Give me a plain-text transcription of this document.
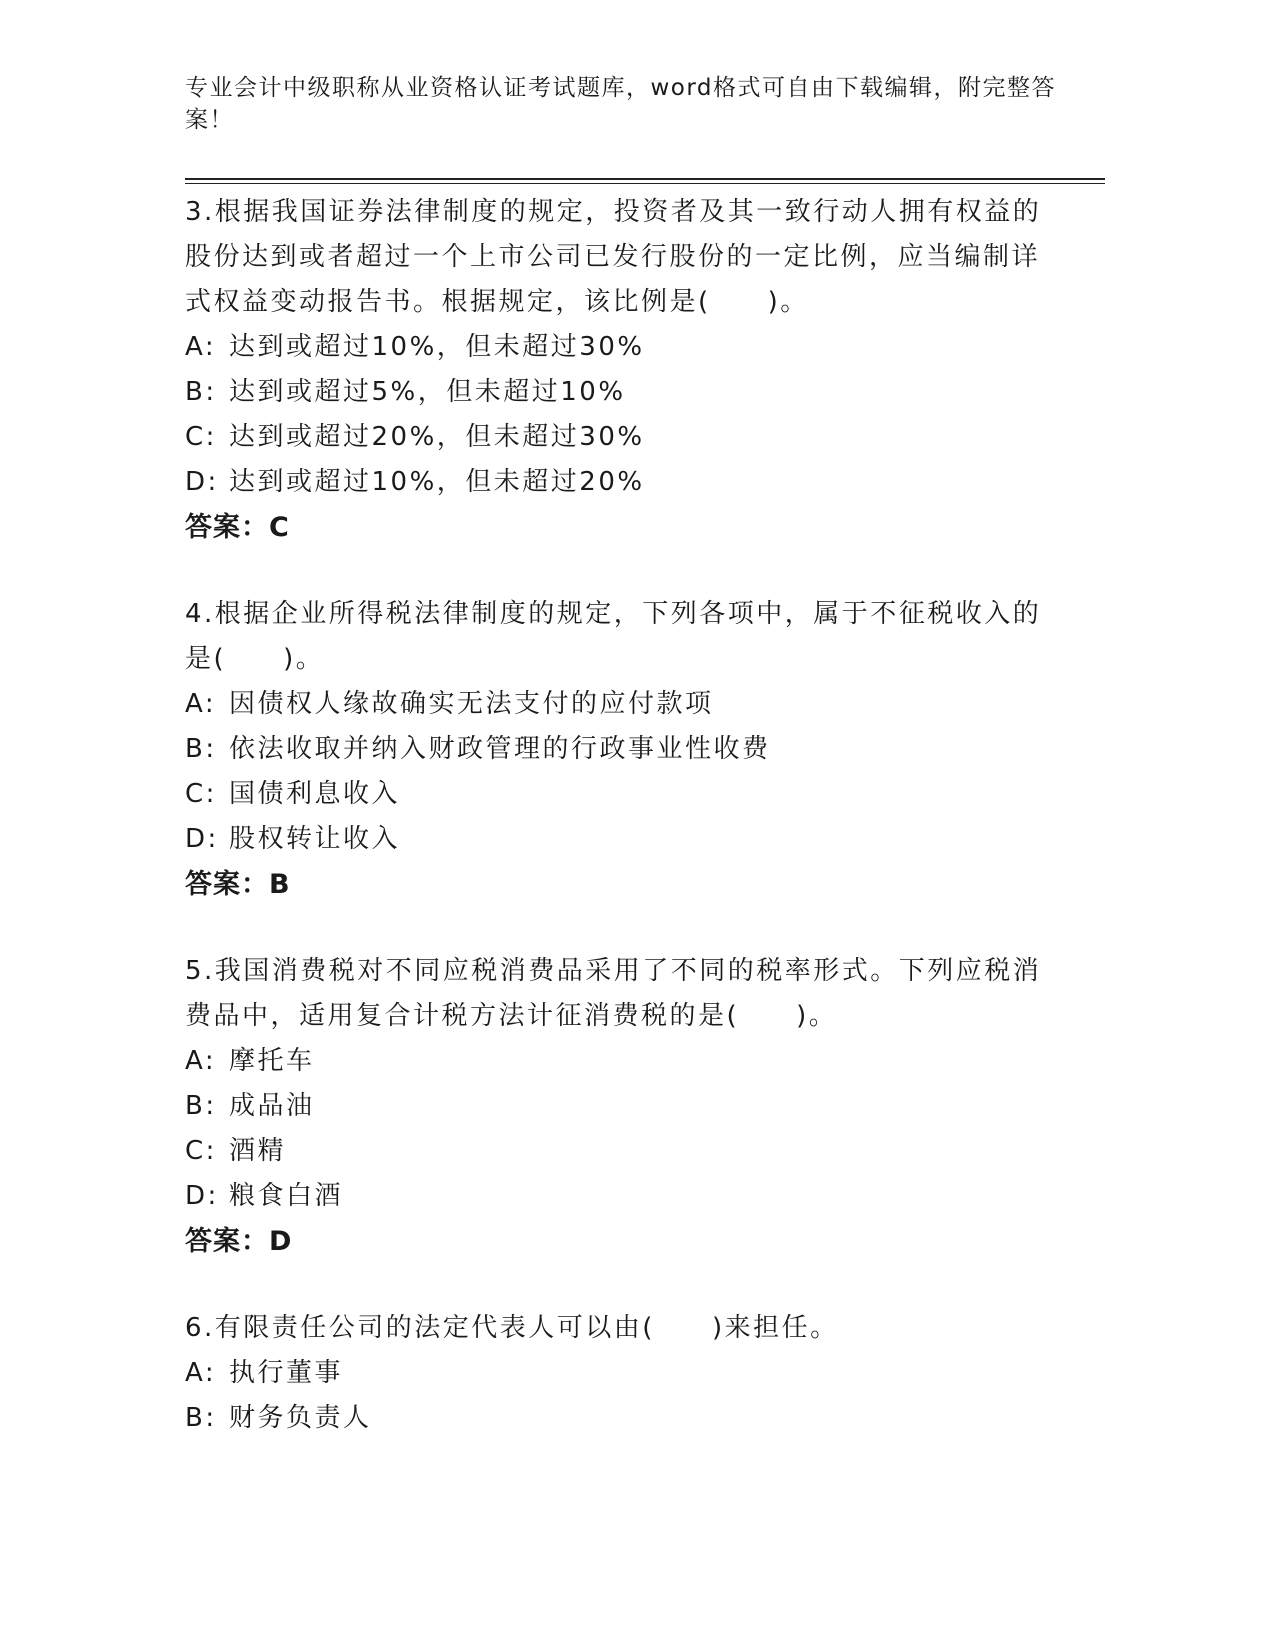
专业会计中级职称从业资格认证考试题库，word格式可自由下载编辑，附完整答案！
3.根据我国证券法律制度的规定，投资者及其一致行动人拥有权益的股份达到或者超过一个上市公司已发行股份的一定比例，应当编制详式权益变动报告书。根据规定，该比例是(　　)。
A: 达到或超过10%，但未超过30%
B: 达到或超过5%，但未超过10%
C: 达到或超过20%，但未超过30%
D: 达到或超过10%，但未超过20%
答案：C
4.根据企业所得税法律制度的规定，下列各项中，属于不征税收入的是(　　)。
A: 因债权人缘故确实无法支付的应付款项
B: 依法收取并纳入财政管理的行政事业性收费
C: 国债利息收入
D: 股权转让收入
答案：B
5.我国消费税对不同应税消费品采用了不同的税率形式。下列应税消费品中，适用复合计税方法计征消费税的是(　　)。
A: 摩托车
B: 成品油
C: 酒精
D: 粮食白酒
答案：D
6.有限责任公司的法定代表人可以由(　　)来担任。
A: 执行董事
B: 财务负责人
